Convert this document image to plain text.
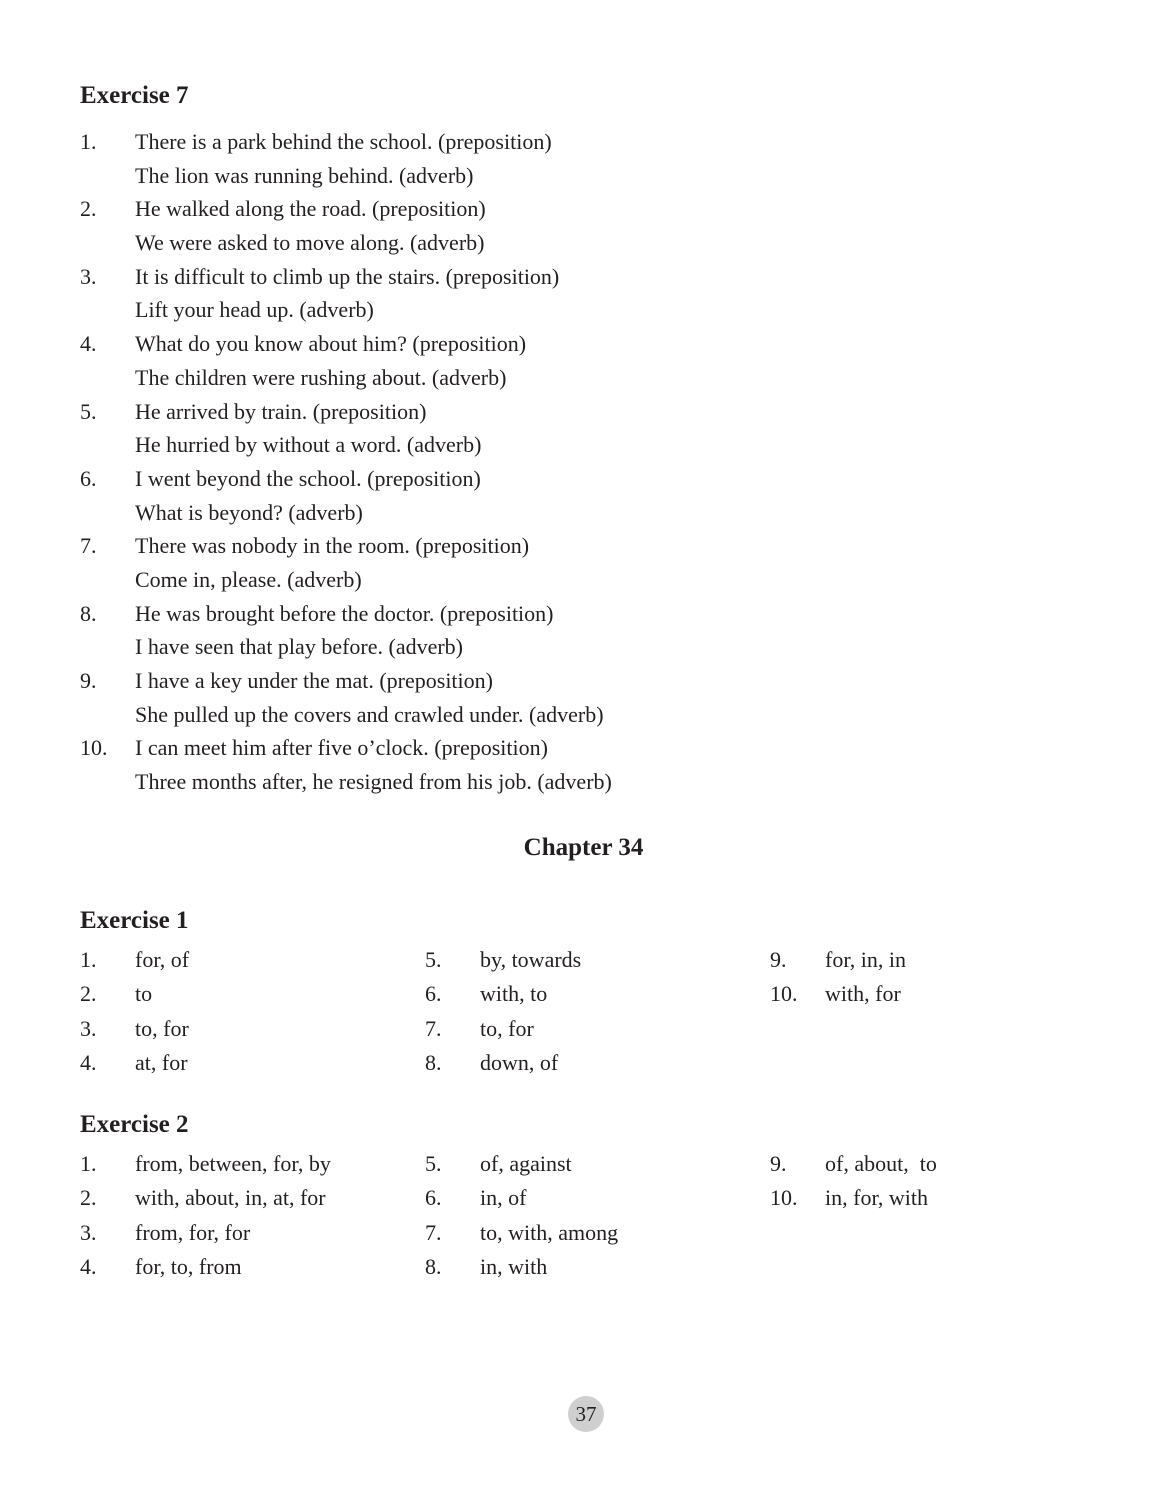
Exercise 7
1.	There is a park behind the school. (preposition)
The lion was running behind. (adverb)
2.	He walked along the road. (preposition)
We were asked to move along. (adverb)
3.	It is difficult to climb up the stairs. (preposition)
Lift your head up. (adverb)
4.	What do you know about him? (preposition)
The children were rushing about. (adverb)
5.	He arrived by train. (preposition)
He hurried by without a word. (adverb)
6.	I went beyond the school. (preposition)
What is beyond? (adverb)
7.	There was nobody in the room. (preposition)
Come in, please. (adverb)
8.	He was brought before the doctor. (preposition)
I have seen that play before. (adverb)
9.	I have a key under the mat. (preposition)
She pulled up the covers and crawled under. (adverb)
10.	I can meet him after five o’clock. (preposition)
Three months after, he resigned from his job. (adverb)
Chapter 34
Exercise 1
1. for, of
2. to
3. to, for
4. at, for
5. by, towards
6. with, to
7. to, for
8. down, of
9. for, in, in
10. with, for
Exercise 2
1. from, between, for, by
2. with, about, in, at, for
3. from, for, for
4. for, to, from
5. of, against
6. in, of
7. to, with, among
8. in, with
9. of, about,  to
10. in, for, with
37
